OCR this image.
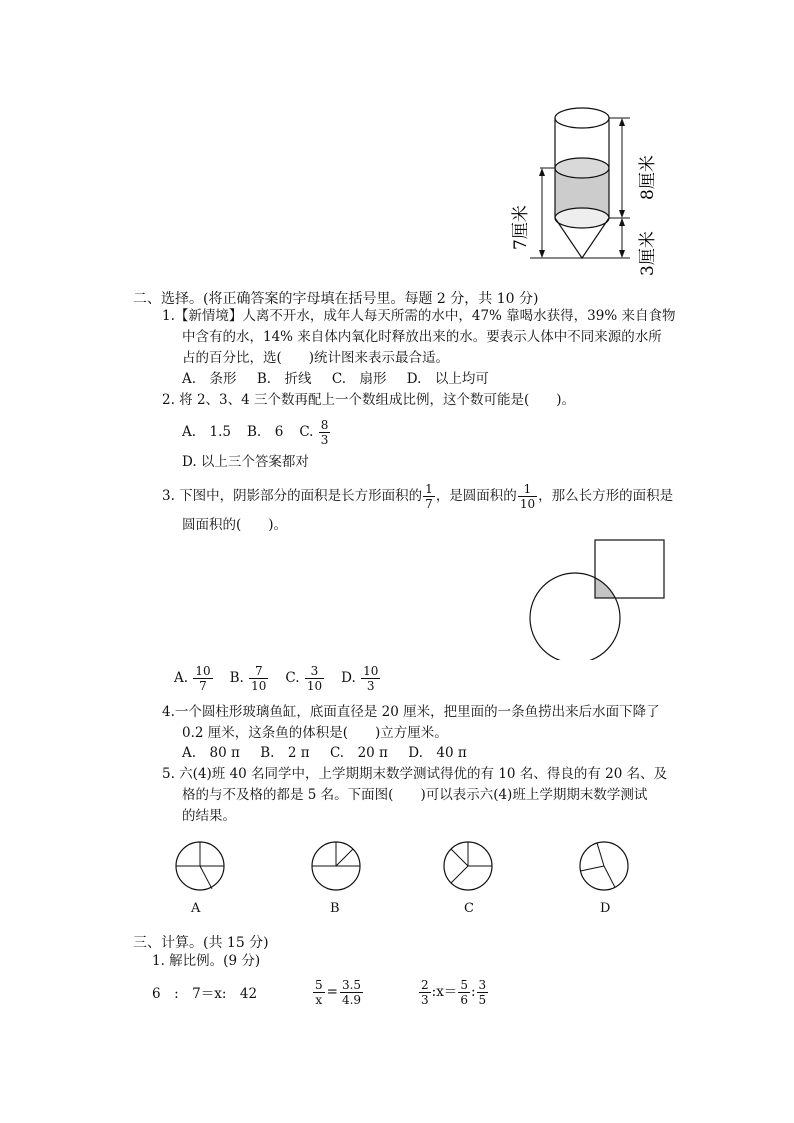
7厘米
8厘米
3厘米
二、选择。(将正确答案的字母填在括号里。每题 2 分，共 10 分)
1.【新情境】人离不开水，成年人每天所需的水中，47% 靠喝水获得，39% 来自食物
中含有的水，14% 来自体内氧化时释放出来的水。要表示人体中不同来源的水所
占的百分比，选(　　)统计图来表示最合适。
A.　条形 B.　折线 C.　扇形 D.　以上均可
2. 将 2、3、4 三个数再配上一个数组成比例，这个数可能是(　　)。
A.　1.5 B.　6 C. $\frac{8}{3}$
D. 以上三个答案都对
3. 下图中，阴影部分的面积是长方形面积的 $\frac{1}{7}$ ，是圆面积的 $\frac{1}{10}$ ，那么长方形的面积是
圆面积的(　　)。
A. $\frac{10}{7} B$. $\frac{7}{10} C$. $\frac{3}{10} D$. $\frac{10}{3}$
4.一个圆柱形玻璃鱼缸，底面直径是 20 厘米，把里面的一条鱼捞出来后水面下降了
0.2 厘米，这条鱼的体积是(　　)立方厘米。
A.　80 π B.　2 π C.　20 π D.　40 π
5. 六(4)班 40 名同学中，上学期期末数学测试得优的有 10 名、得良的有 20 名、及
格的与不及格的都是 5 名。下面图(　　)可以表示六(4)班上学期期末数学测试
的结果。
A	B	C	D
三、计算。(共 15 分)
1. 解比例。(9 分)
6　:　7＝x:　42	$\frac{5}{x} = \frac{3.5}{4.9}$	$\frac{2}{3}$ :x＝ $\frac{5}{6}$ : $\frac{3}{5}$
